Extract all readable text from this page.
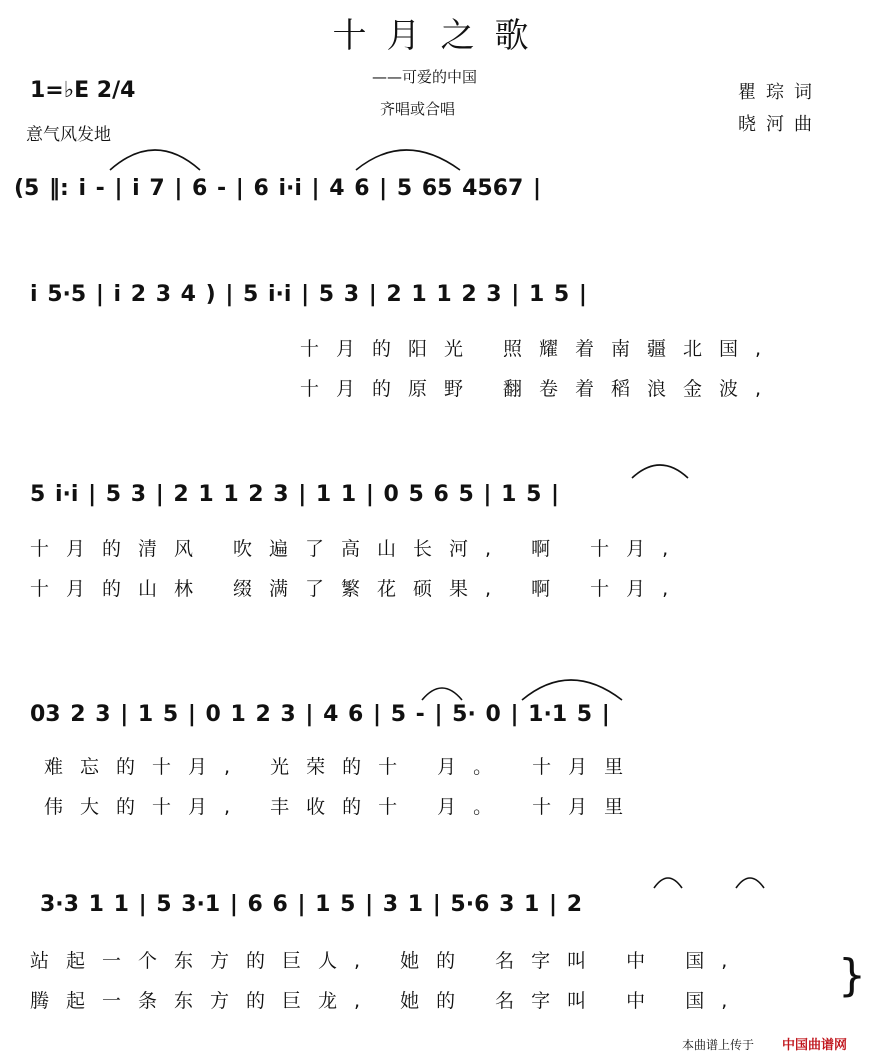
十月之歌
——可爱的中国
齐唱或合唱
1=♭E 2/4
意气风发地
瞿琮词
晓河曲
(5 ‖: i - | i 7 | 6 - | 6 i·i | 4 6 | 5 65 4567 |
i 5·5 | i 2 3 4 ) | 5 i·i | 5 3 | 2 1 1 2 3 | 1 5 |
十月的阳光 照耀着南疆北国,
十月的原野 翻卷着稻浪金波,
5 i·i | 5 3 | 2 1 1 2 3 | 1 1 | 0 5 6 5 | 1 5 |
十月的清风 吹遍了高山长河, 啊 十月,
十月的山林 缀满了繁花硕果, 啊 十月,
03 2 3 | 1 5 | 0 1 2 3 | 4 6 | 5 - | 5· 0 | 1·1 5 |
难忘的十月, 光荣的十 月。 十月里
伟大的十月, 丰收的十 月。 十月里
3·3 1 1 | 5 3·1 | 6 6 | 1 5 | 3 1 | 5·6 3 1 | 2
站起一个东方的巨人, 她的 名字叫 中 国,
腾起一条东方的巨龙, 她的 名字叫 中 国, }
本曲谱上传于 中国曲谱网
